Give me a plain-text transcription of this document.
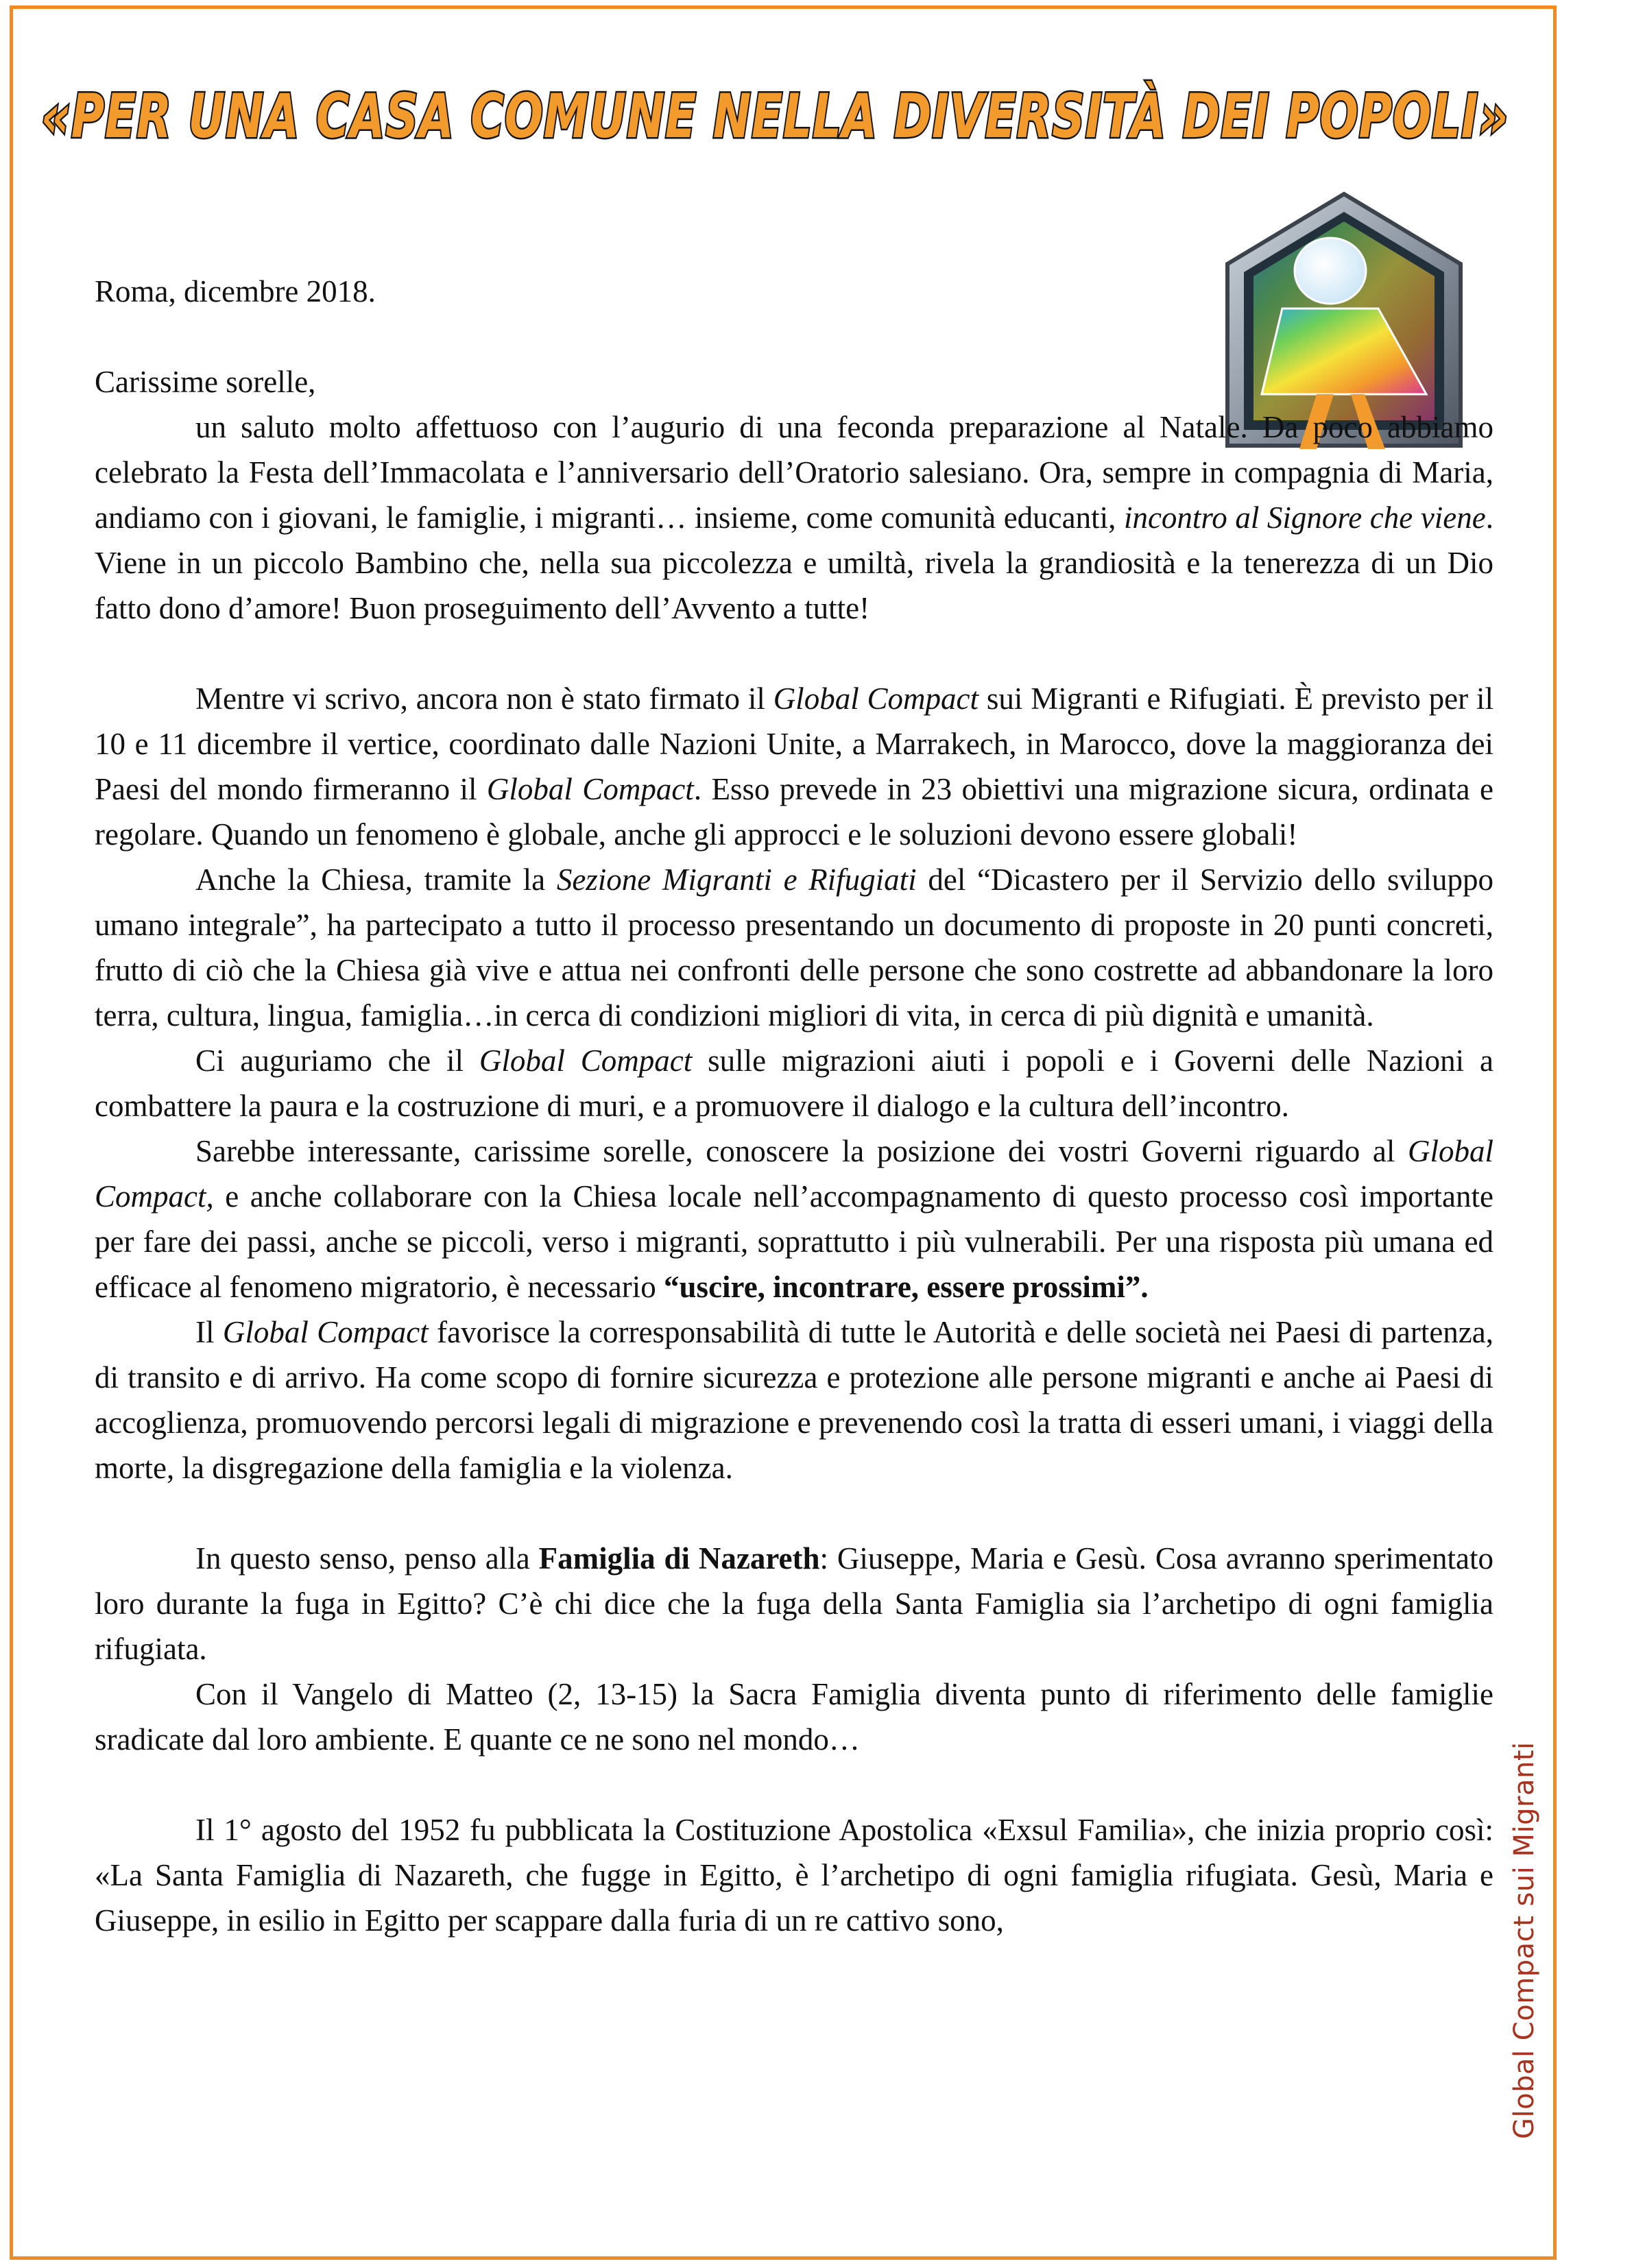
«PER UNA CASA COMUNE NELLA DIVERSITÀ DEI POPOLI»

Roma, dicembre 2018.

Carissime sorelle,

un saluto molto affettuoso con l’augurio di una feconda preparazione al Natale. Da poco abbiamo celebrato la Festa dell’Immacolata e l’anniversario dell’Oratorio salesiano. Ora, sempre in compagnia di Maria, andiamo con i giovani, le famiglie, i migranti… insieme, come comunità educanti, incontro al Signore che viene. Viene in un piccolo Bambino che, nella sua piccolezza e umiltà, rivela la grandiosità e la tenerezza di un Dio fatto dono d’amore! Buon proseguimento dell’Avvento a tutte!

Mentre vi scrivo, ancora non è stato firmato il Global Compact sui Migranti e Rifugiati. È previsto per il 10 e 11 dicembre il vertice, coordinato dalle Nazioni Unite, a Marrakech, in Marocco, dove la maggioranza dei Paesi del mondo firmeranno il Global Compact. Esso prevede in 23 obiettivi una migrazione sicura, ordinata e regolare. Quando un fenomeno è globale, anche gli approcci e le soluzioni devono essere globali!

Anche la Chiesa, tramite la Sezione Migranti e Rifugiati del “Dicastero per il Servizio dello sviluppo umano integrale”, ha partecipato a tutto il processo presentando un documento di proposte in 20 punti concreti, frutto di ciò che la Chiesa già vive e attua nei confronti delle persone che sono costrette ad abbandonare la loro terra, cultura, lingua, famiglia…in cerca di condizioni migliori di vita, in cerca di più dignità e umanità.

Ci auguriamo che il Global Compact sulle migrazioni aiuti i popoli e i Governi delle Nazioni a combattere la paura e la costruzione di muri, e a promuovere il dialogo e la cultura dell’incontro.

Sarebbe interessante, carissime sorelle, conoscere la posizione dei vostri Governi riguardo al Global Compact, e anche collaborare con la Chiesa locale nell’accompagnamento di questo processo così importante per fare dei passi, anche se piccoli, verso i migranti, soprattutto i più vulnerabili. Per una risposta più umana ed efficace al fenomeno migratorio, è necessario “uscire, incontrare, essere prossimi”.

Il Global Compact favorisce la corresponsabilità di tutte le Autorità e delle società nei Paesi di partenza, di transito e di arrivo. Ha come scopo di fornire sicurezza e protezione alle persone migranti e anche ai Paesi di accoglienza, promuovendo percorsi legali di migrazione e prevenendo così la tratta di esseri umani, i viaggi della morte, la disgregazione della famiglia e la violenza.

In questo senso, penso alla Famiglia di Nazareth: Giuseppe, Maria e Gesù. Cosa avranno sperimentato loro durante la fuga in Egitto? C’è chi dice che la fuga della Santa Famiglia sia l’archetipo di ogni famiglia rifugiata.

Con il Vangelo di Matteo (2, 13-15) la Sacra Famiglia diventa punto di riferimento delle famiglie sradicate dal loro ambiente. E quante ce ne sono nel mondo…

Il 1° agosto del 1952 fu pubblicata la Costituzione Apostolica «Exsul Familia», che inizia proprio così: «La Santa Famiglia di Nazareth, che fugge in Egitto, è l’archetipo di ogni famiglia rifugiata. Gesù, Maria e Giuseppe, in esilio in Egitto per scappare dalla furia di un re cattivo sono,	Global Compact sui Migranti
